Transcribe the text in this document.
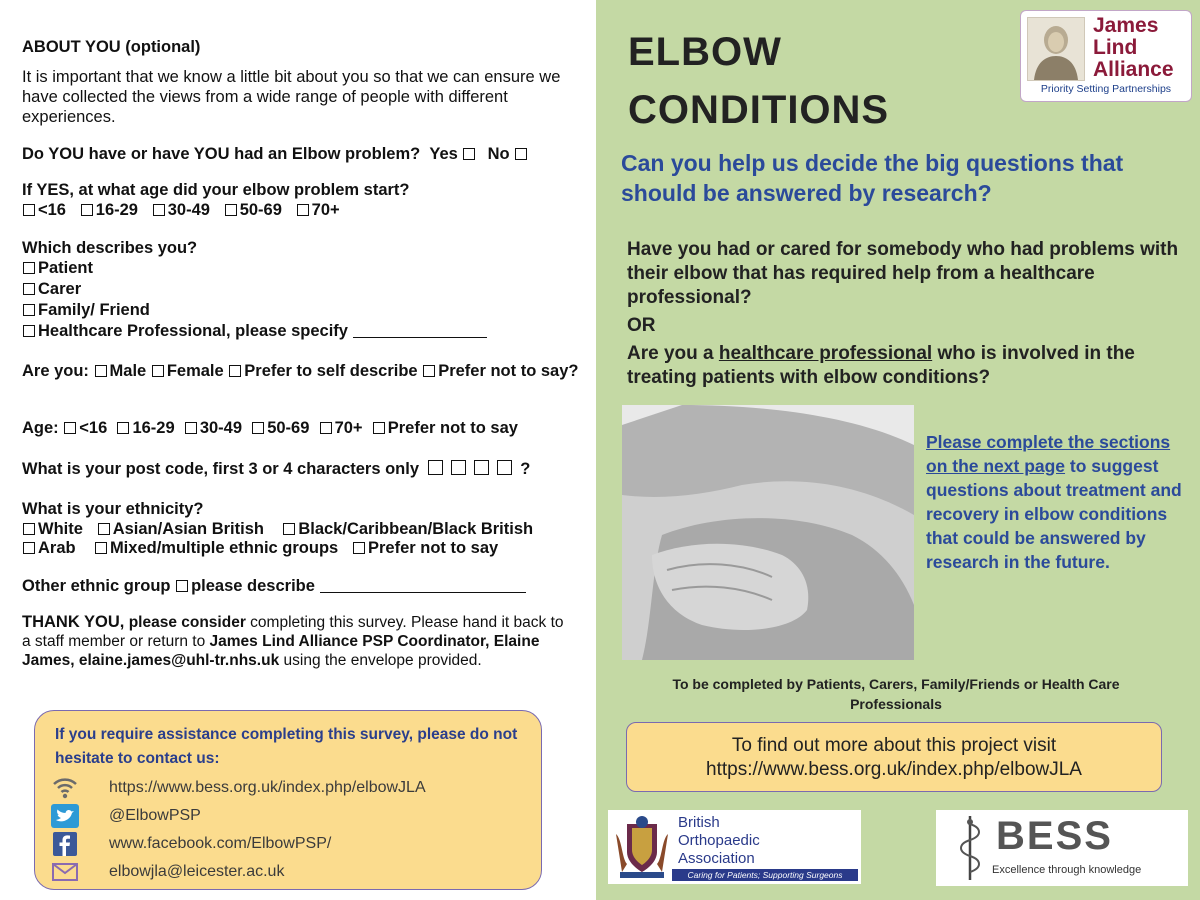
ABOUT YOU (optional)
It is important that we know a little bit about you so that we can ensure we have collected the views from a wide range of people with different experiences.
Do YOU have or have YOU had an Elbow problem? Yes No
If YES, at what age did your elbow problem start?
<16 16-29 30-49 50-69 70+
Which describes you?
Patient
Carer
Family/ Friend
Healthcare Professional, please specify
Are you: Male Female Prefer to self describe Prefer not to say?
Age: <16 16-29 30-49 50-69 70+ Prefer not to say
What is your post code, first 3 or 4 characters only	?
What is your ethnicity?
White Asian/Asian British Black/Caribbean/Black British
Arab Mixed/multiple ethnic groups Prefer not to say
Other ethnic group please describe
THANK YOU, please consider completing this survey. Please hand it back to a staff member or return to James Lind Alliance PSP Coordinator, Elaine James, elaine.james@uhl-tr.nhs.uk using the envelope provided.
If you require assistance completing this survey, please do not hesitate to contact us:
https://www.bess.org.uk/index.php/elbowJLA
@ElbowPSP
www.facebook.com/ElbowPSP/
elbowjla@leicester.ac.uk
ELBOW
CONDITIONS
James
Lind
Alliance
Priority Setting Partnerships
Can you help us decide the big questions that should be answered by research?
Have you had or cared for somebody who had problems with their elbow that has required help from a healthcare professional?
OR
Are you a healthcare professional who is involved in the treating patients with elbow conditions?
Please complete the sections on the next page to suggest questions about treatment and recovery in elbow conditions that could be answered by research in the future.
To be completed by Patients, Carers, Family/Friends or Health Care Professionals
To find out more about this project visit
https://www.bess.org.uk/index.php/elbowJLA
British
Orthopaedic
Association
Caring for Patients; Supporting Surgeons
BESS
Excellence through knowledge
